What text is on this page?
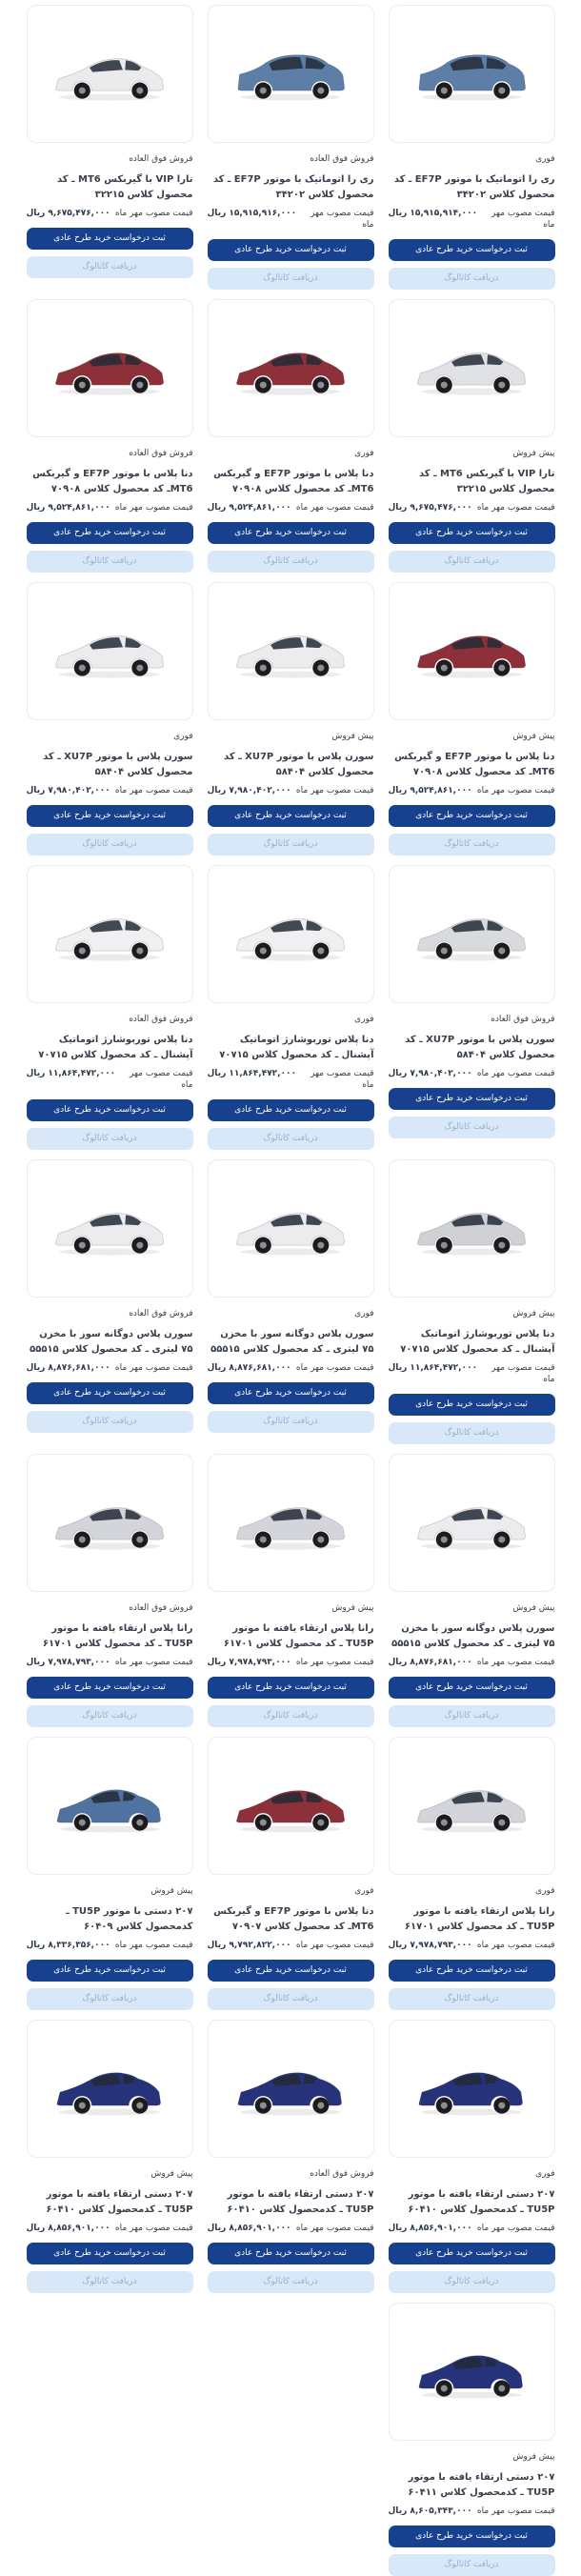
فوری
ری را اتوماتیک با موتور EF7P ـ کد محصول کلاس ۳۴۲۰۲
قیمت مصوب مهر ماه
۱۵,۹۱۵,۹۱۴,۰۰۰ ریال
ثبت درخواست خرید طرح عادی
دریافت کاتالوگ
فروش فوق العاده
ری را اتوماتیک با موتور EF7P ـ کد محصول کلاس ۳۴۲۰۲
قیمت مصوب مهر ماه
۱۵,۹۱۵,۹۱۶,۰۰۰ ریال
ثبت درخواست خرید طرح عادی
دریافت کاتالوگ
فروش فوق العاده
تارا VIP با گیربکس MT6 ـ کد محصول کلاس ۳۲۲۱۵
قیمت مصوب مهر ماه
۹,۶۷۵,۴۷۶,۰۰۰ ریال
ثبت درخواست خرید طرح عادی
دریافت کاتالوگ
پیش فروش
تارا VIP با گیربکس MT6 ـ کد محصول کلاس ۳۲۲۱۵
قیمت مصوب مهر ماه
۹,۶۷۵,۴۷۶,۰۰۰ ریال
ثبت درخواست خرید طرح عادی
دریافت کاتالوگ
فوری
دنا پلاس با موتور EF7P و گیربکس MT6ـ کد محصول کلاس ۷۰۹۰۸
قیمت مصوب مهر ماه
۹,۵۲۴,۸۶۱,۰۰۰ ریال
ثبت درخواست خرید طرح عادی
دریافت کاتالوگ
فروش فوق العاده
دنا پلاس با موتور EF7P و گیربکس MT6ـ کد محصول کلاس ۷۰۹۰۸
قیمت مصوب مهر ماه
۹,۵۲۴,۸۶۱,۰۰۰ ریال
ثبت درخواست خرید طرح عادی
دریافت کاتالوگ
پیش فروش
دنا پلاس با موتور EF7P و گیربکس MT6ـ کد محصول کلاس ۷۰۹۰۸
قیمت مصوب مهر ماه
۹,۵۲۴,۸۶۱,۰۰۰ ریال
ثبت درخواست خرید طرح عادی
دریافت کاتالوگ
پیش فروش
سورن پلاس با موتور XU7P ـ کد محصول کلاس ۵۸۴۰۴
قیمت مصوب مهر ماه
۷,۹۸۰,۴۰۲,۰۰۰ ریال
ثبت درخواست خرید طرح عادی
دریافت کاتالوگ
فوری
سورن پلاس با موتور XU7P ـ کد محصول کلاس ۵۸۴۰۴
قیمت مصوب مهر ماه
۷,۹۸۰,۴۰۲,۰۰۰ ریال
ثبت درخواست خرید طرح عادی
دریافت کاتالوگ
فروش فوق العاده
سورن پلاس با موتور XU7P ـ کد محصول کلاس ۵۸۴۰۴
قیمت مصوب مهر ماه
۷,۹۸۰,۴۰۲,۰۰۰ ریال
ثبت درخواست خرید طرح عادی
دریافت کاتالوگ
فوری
دنا پلاس توربوشارژ اتوماتیک آپشنال ـ کد محصول کلاس ۷۰۷۱۵
قیمت مصوب مهر ماه
۱۱,۸۶۴,۴۷۲,۰۰۰ ریال
ثبت درخواست خرید طرح عادی
دریافت کاتالوگ
فروش فوق العاده
دنا پلاس توربوشارژ اتوماتیک آپشنال ـ کد محصول کلاس ۷۰۷۱۵
قیمت مصوب مهر ماه
۱۱,۸۶۴,۴۷۲,۰۰۰ ریال
ثبت درخواست خرید طرح عادی
دریافت کاتالوگ
پیش فروش
دنا پلاس توربوشارژ اتوماتیک آپشنال ـ کد محصول کلاس ۷۰۷۱۵
قیمت مصوب مهر ماه
۱۱,۸۶۴,۴۷۲,۰۰۰ ریال
ثبت درخواست خرید طرح عادی
دریافت کاتالوگ
فوری
سورن پلاس دوگانه سوز با مخزن ۷۵ لیتری ـ کد محصول کلاس ۵۵۵۱۵
قیمت مصوب مهر ماه
۸,۸۷۶,۶۸۱,۰۰۰ ریال
ثبت درخواست خرید طرح عادی
دریافت کاتالوگ
فروش فوق العاده
سورن پلاس دوگانه سوز با مخزن ۷۵ لیتری ـ کد محصول کلاس ۵۵۵۱۵
قیمت مصوب مهر ماه
۸,۸۷۶,۶۸۱,۰۰۰ ریال
ثبت درخواست خرید طرح عادی
دریافت کاتالوگ
پیش فروش
سورن پلاس دوگانه سوز با مخزن ۷۵ لیتری ـ کد محصول کلاس ۵۵۵۱۵
قیمت مصوب مهر ماه
۸,۸۷۶,۶۸۱,۰۰۰ ریال
ثبت درخواست خرید طرح عادی
دریافت کاتالوگ
پیش فروش
رانا پلاس ارتقاء یافته با موتور TU5P ـ کد محصول کلاس ۶۱۷۰۱
قیمت مصوب مهر ماه
۷,۹۷۸,۷۹۳,۰۰۰ ریال
ثبت درخواست خرید طرح عادی
دریافت کاتالوگ
فروش فوق العاده
رانا پلاس ارتقاء یافته با موتور TU5P ـ کد محصول کلاس ۶۱۷۰۱
قیمت مصوب مهر ماه
۷,۹۷۸,۷۹۳,۰۰۰ ریال
ثبت درخواست خرید طرح عادی
دریافت کاتالوگ
فوری
رانا پلاس ارتقاء یافته با موتور TU5P ـ کد محصول کلاس ۶۱۷۰۱
قیمت مصوب مهر ماه
۷,۹۷۸,۷۹۳,۰۰۰ ریال
ثبت درخواست خرید طرح عادی
دریافت کاتالوگ
فوری
دنا پلاس با موتور EF7P و گیربکس MT6ـ کد محصول کلاس ۷۰۹۰۷
قیمت مصوب مهر ماه
۹,۷۹۲,۸۲۲,۰۰۰ ریال
ثبت درخواست خرید طرح عادی
دریافت کاتالوگ
پیش فروش
۲۰۷ دستی با موتور TU5P ـ کدمحصول کلاس ۶۰۴۰۹
قیمت مصوب مهر ماه
۸,۳۳۶,۳۵۶,۰۰۰ ریال
ثبت درخواست خرید طرح عادی
دریافت کاتالوگ
فوری
۲۰۷ دستی ارتقاء یافته با موتور TU5P ـ کدمحصول کلاس ۶۰۴۱۰
قیمت مصوب مهر ماه
۸,۸۵۶,۹۰۱,۰۰۰ ریال
ثبت درخواست خرید طرح عادی
دریافت کاتالوگ
فروش فوق العاده
۲۰۷ دستی ارتقاء یافته با موتور TU5P ـ کدمحصول کلاس ۶۰۴۱۰
قیمت مصوب مهر ماه
۸,۸۵۶,۹۰۱,۰۰۰ ریال
ثبت درخواست خرید طرح عادی
دریافت کاتالوگ
پیش فروش
۲۰۷ دستی ارتقاء یافته با موتور TU5P ـ کدمحصول کلاس ۶۰۴۱۰
قیمت مصوب مهر ماه
۸,۸۵۶,۹۰۱,۰۰۰ ریال
ثبت درخواست خرید طرح عادی
دریافت کاتالوگ
پیش فروش
۲۰۷ دستی ارتقاء یافته با موتور TU5P ـ کدمحصول کلاس ۶۰۴۱۱
قیمت مصوب مهر ماه
۸,۶۰۵,۳۴۳,۰۰۰ ریال
ثبت درخواست خرید طرح عادی
دریافت کاتالوگ
